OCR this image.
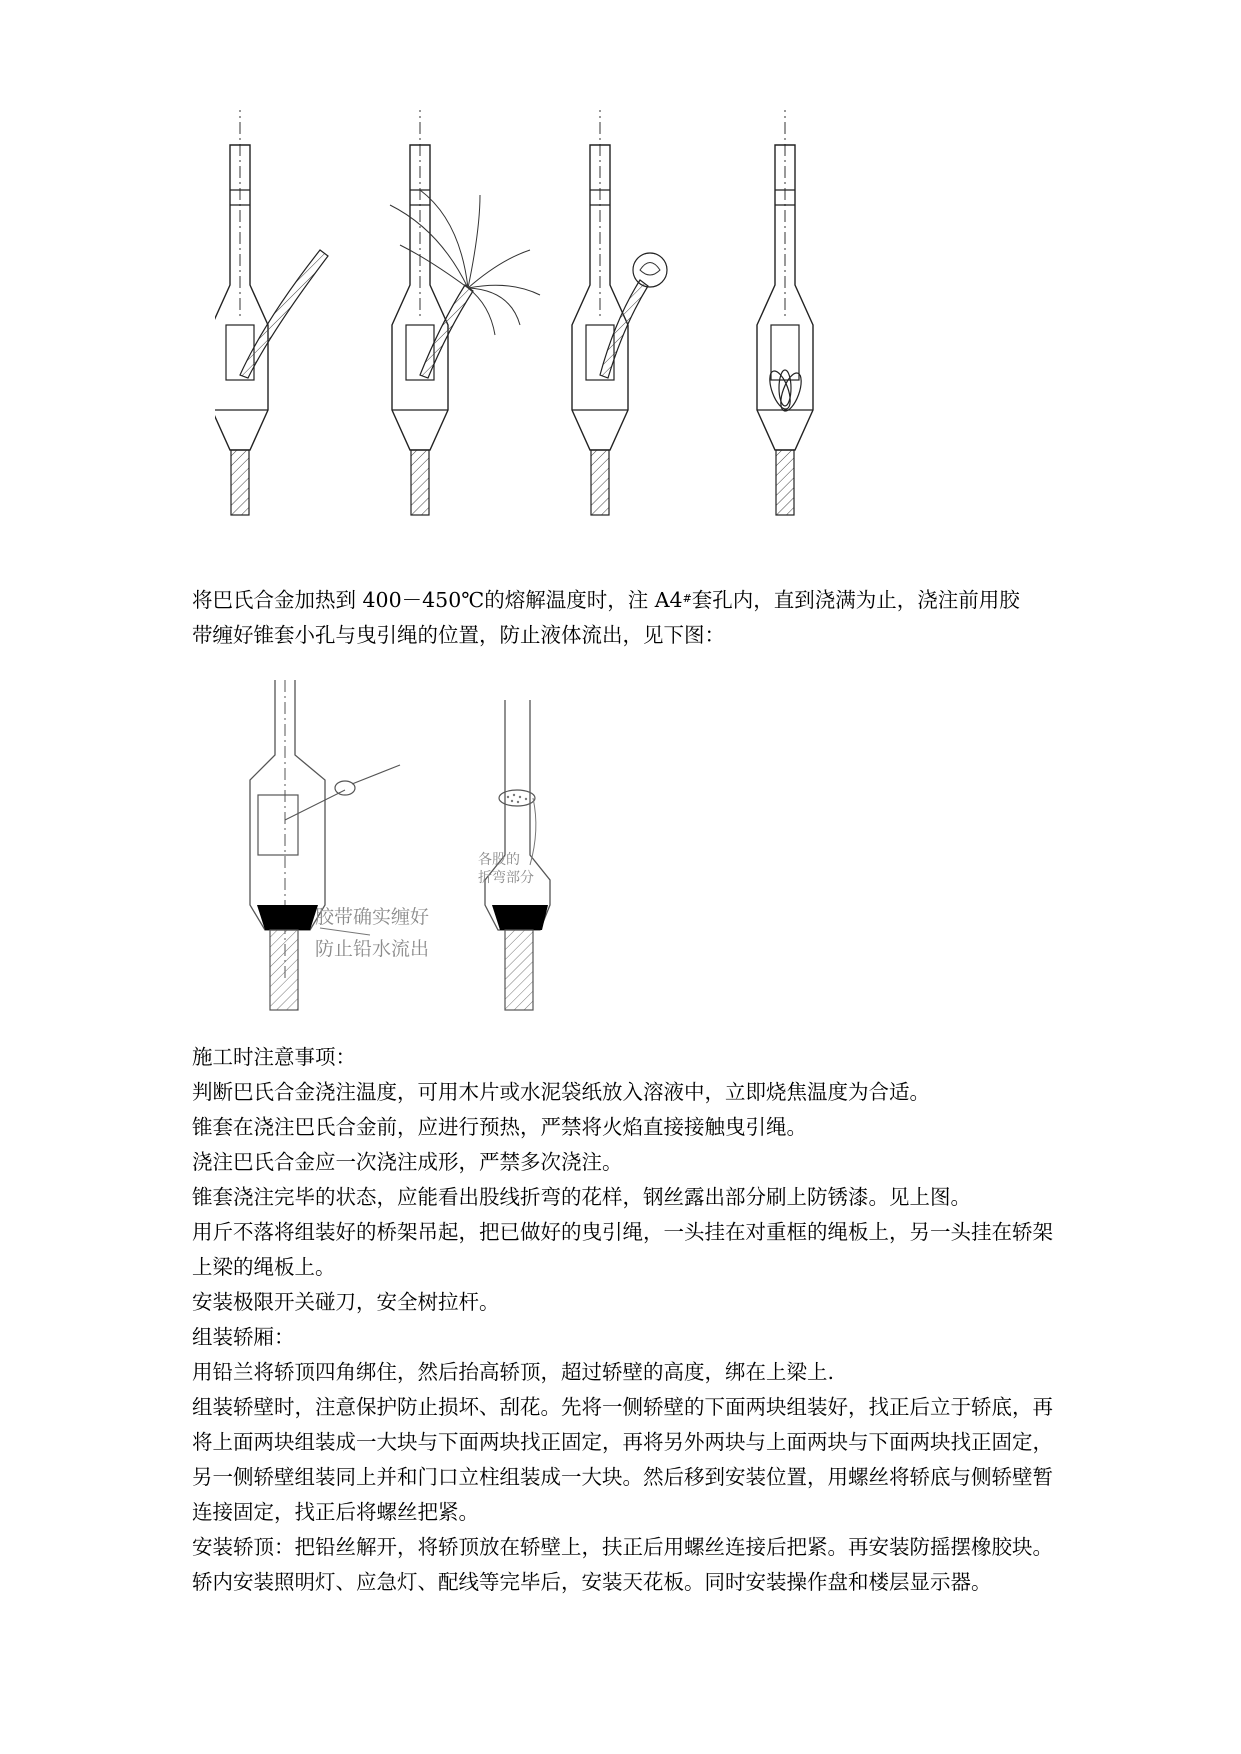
将巴氏合金加热到 400－450℃的熔解温度时，注 A4#套孔内，直到浇满为止，浇注前用胶

带缠好锥套小孔与曳引绳的位置，防止液体流出，见下图：

胶带确实缠好
防止铅水流出
各股的
折弯部分

施工时注意事项：

判断巴氏合金浇注温度，可用木片或水泥袋纸放入溶液中，立即烧焦温度为合适。

锥套在浇注巴氏合金前，应进行预热，严禁将火焰直接接触曳引绳。

浇注巴氏合金应一次浇注成形，严禁多次浇注。

锥套浇注完毕的状态，应能看出股线折弯的花样，钢丝露出部分刷上防锈漆。见上图。

用斤不落将组装好的桥架吊起，把已做好的曳引绳，一头挂在对重框的绳板上，另一头挂在轿架上梁的绳板上。

安装极限开关碰刀，安全树拉杆。

组装轿厢：

用铅兰将轿顶四角绑住，然后抬高轿顶，超过轿壁的高度，绑在上梁上.

组装轿壁时，注意保护防止损坏、刮花。先将一侧轿壁的下面两块组装好，找正后立于轿底，再将上面两块组装成一大块与下面两块找正固定，再将另外两块与上面两块与下面两块找正固定，另一侧轿壁组装同上并和门口立柱组装成一大块。然后移到安装位置，用螺丝将轿底与侧轿壁暂连接固定，找正后将螺丝把紧。

安装轿顶：把铅丝解开，将轿顶放在轿壁上，扶正后用螺丝连接后把紧。再安装防摇摆橡胶块。

轿内安装照明灯、应急灯、配线等完毕后，安装天花板。同时安装操作盘和楼层显示器。
